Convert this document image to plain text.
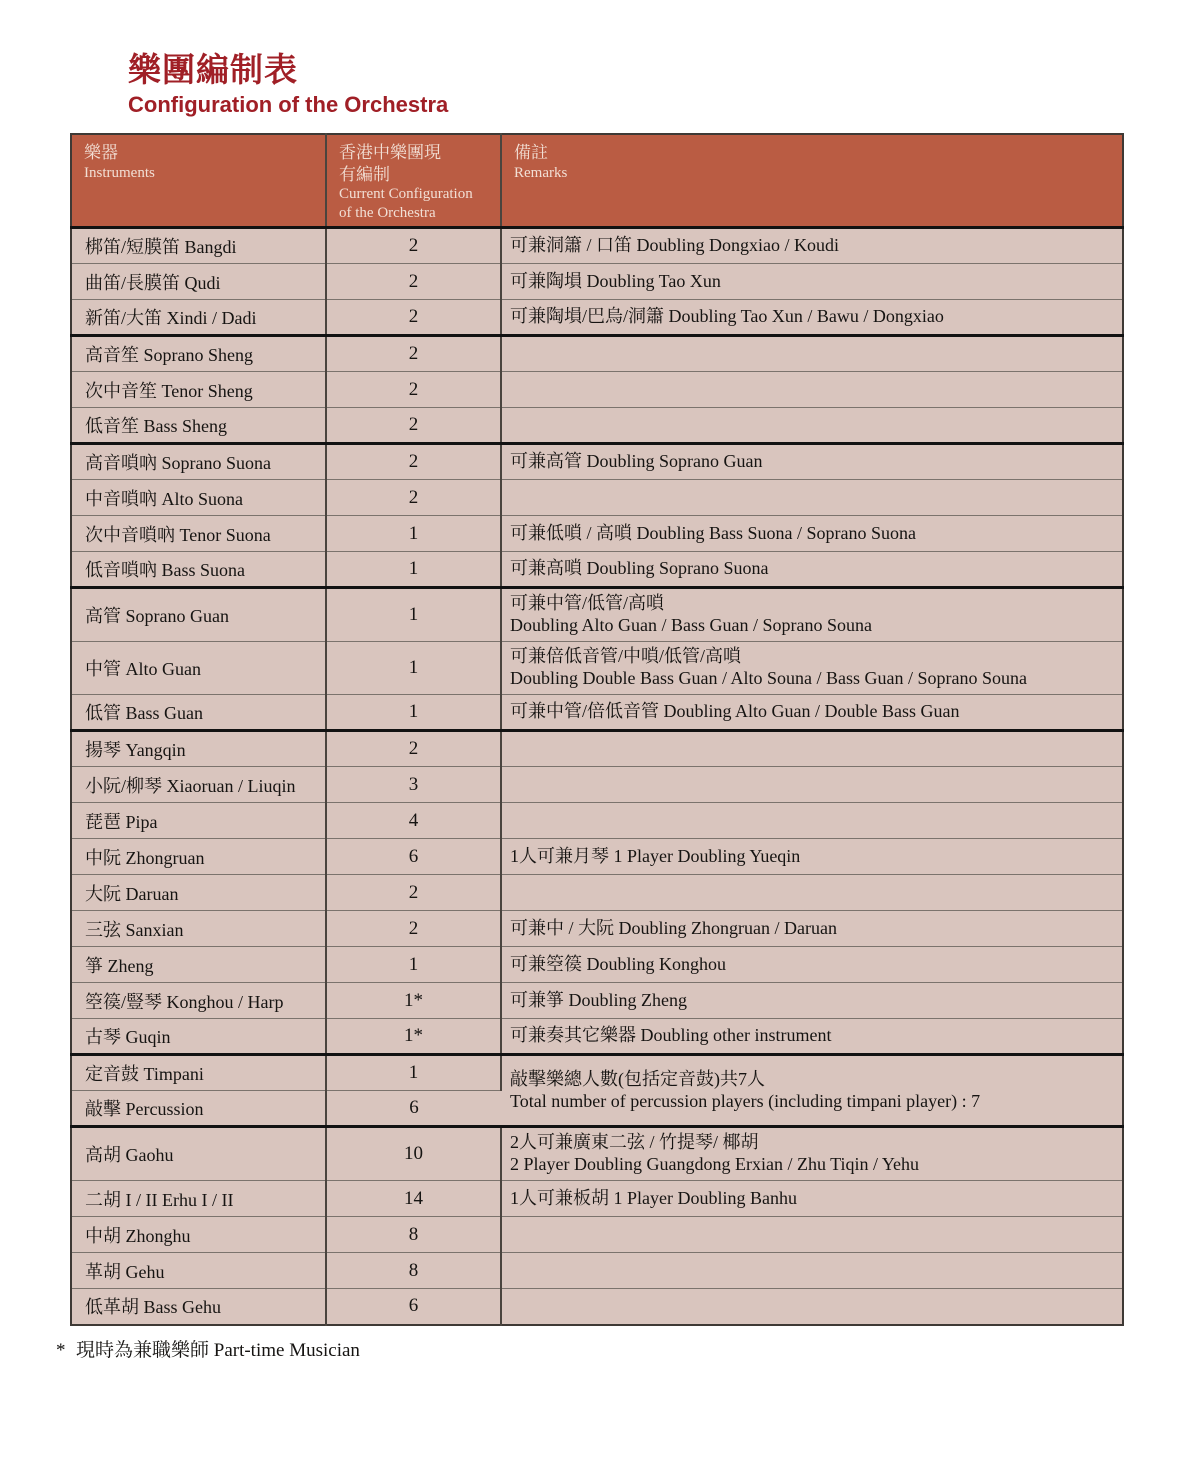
樂團編制表
Configuration of the Orchestra
樂器
Instruments

香港中樂團現
有編制
Current Configuration
of the Orchestra

備註
Remarks

梆笛/短膜笛 Bangdi	2	可兼洞簫 / 口笛 Doubling Dongxiao / Koudi

曲笛/長膜笛 Qudi	2	可兼陶塤 Doubling Tao Xun

新笛/大笛 Xindi / Dadi	2	可兼陶塤/巴烏/洞簫 Doubling Tao Xun / Bawu / Dongxiao

高音笙 Soprano Sheng	2	
次中音笙 Tenor Sheng	2	
低音笙 Bass Sheng	2	
高音嗩吶 Soprano Suona	2	可兼高管 Doubling Soprano Guan

中音嗩吶 Alto Suona	2	
次中音嗩吶 Tenor Suona	1	可兼低嗩 / 高嗩 Doubling Bass Suona / Soprano Suona

低音嗩吶 Bass Suona	1	可兼高嗩 Doubling Soprano Suona

高管 Soprano Guan	1	可兼中管/低管/高嗩
Doubling Alto Guan / Bass Guan / Soprano Souna

中管 Alto Guan	1	可兼倍低音管/中嗩/低管/高嗩
Doubling Double Bass Guan / Alto Souna / Bass Guan / Soprano Souna

低管 Bass Guan	1	可兼中管/倍低音管 Doubling Alto Guan / Double Bass Guan

揚琴 Yangqin	2	
小阮/柳琴 Xiaoruan / Liuqin	3	
琵琶 Pipa	4	
中阮 Zhongruan	6	1人可兼月琴 1 Player Doubling Yueqin

大阮 Daruan	2	
三弦 Sanxian	2	可兼中 / 大阮 Doubling Zhongruan / Daruan

箏 Zheng	1	可兼箜篌 Doubling Konghou

箜篌/豎琴 Konghou / Harp	1*	可兼箏 Doubling Zheng

古琴 Guqin	1*	可兼奏其它樂器 Doubling other instrument

定音鼓 Timpani	1	敲擊樂總人數(包括定音鼓)共7人
Total number of percussion players (including timpani player) : 7

敲擊 Percussion	6	
高胡 Gaohu	10	2人可兼廣東二弦 / 竹提琴/ 椰胡
2 Player Doubling Guangdong Erxian / Zhu Tiqin / Yehu

二胡 I / II Erhu I / II	14	1人可兼板胡 1 Player Doubling Banhu

中胡 Zhonghu	8	
革胡 Gehu	8	
低革胡 Bass Gehu	6	

* 現時為兼職樂師 Part-time Musician
